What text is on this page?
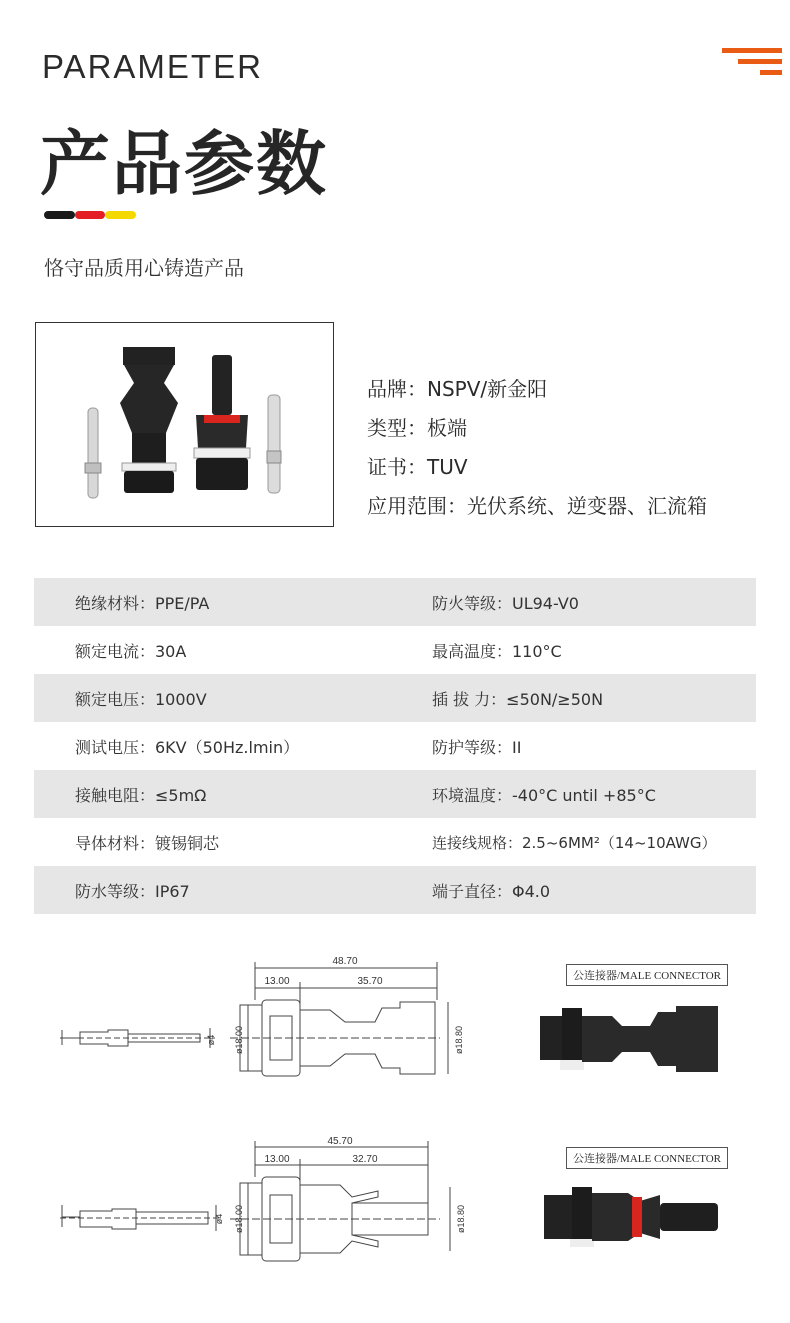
PARAMETER
产品参数
恪守品质用心铸造产品
品牌：NSPV/新金阳
类型：板端
证书：TUV
应用范围：光伏系统、逆变器、汇流箱
绝缘材料：PPE/PA	防火等级：UL94-V0
额定电流：30A	最高温度：110°C
额定电压：1000V	插 拔 力：≤50N/≥50N
测试电压：6KV（50Hz.lmin）	防护等级：II
接触电阻：≤5mΩ	环境温度：-40°C until +85°C
导体材料：镀锡铜芯	连接线规格：2.5~6MM²（14~10AWG）
防水等级：IP67	端子直径：Φ4.0
48.70
13.00	35.70
ø4 ø18.00	ø18.80
公连接器/MALE CONNECTOR
45.70
13.00	32.70
ø4 ø18.00	ø18.80
公连接器/MALE CONNECTOR
